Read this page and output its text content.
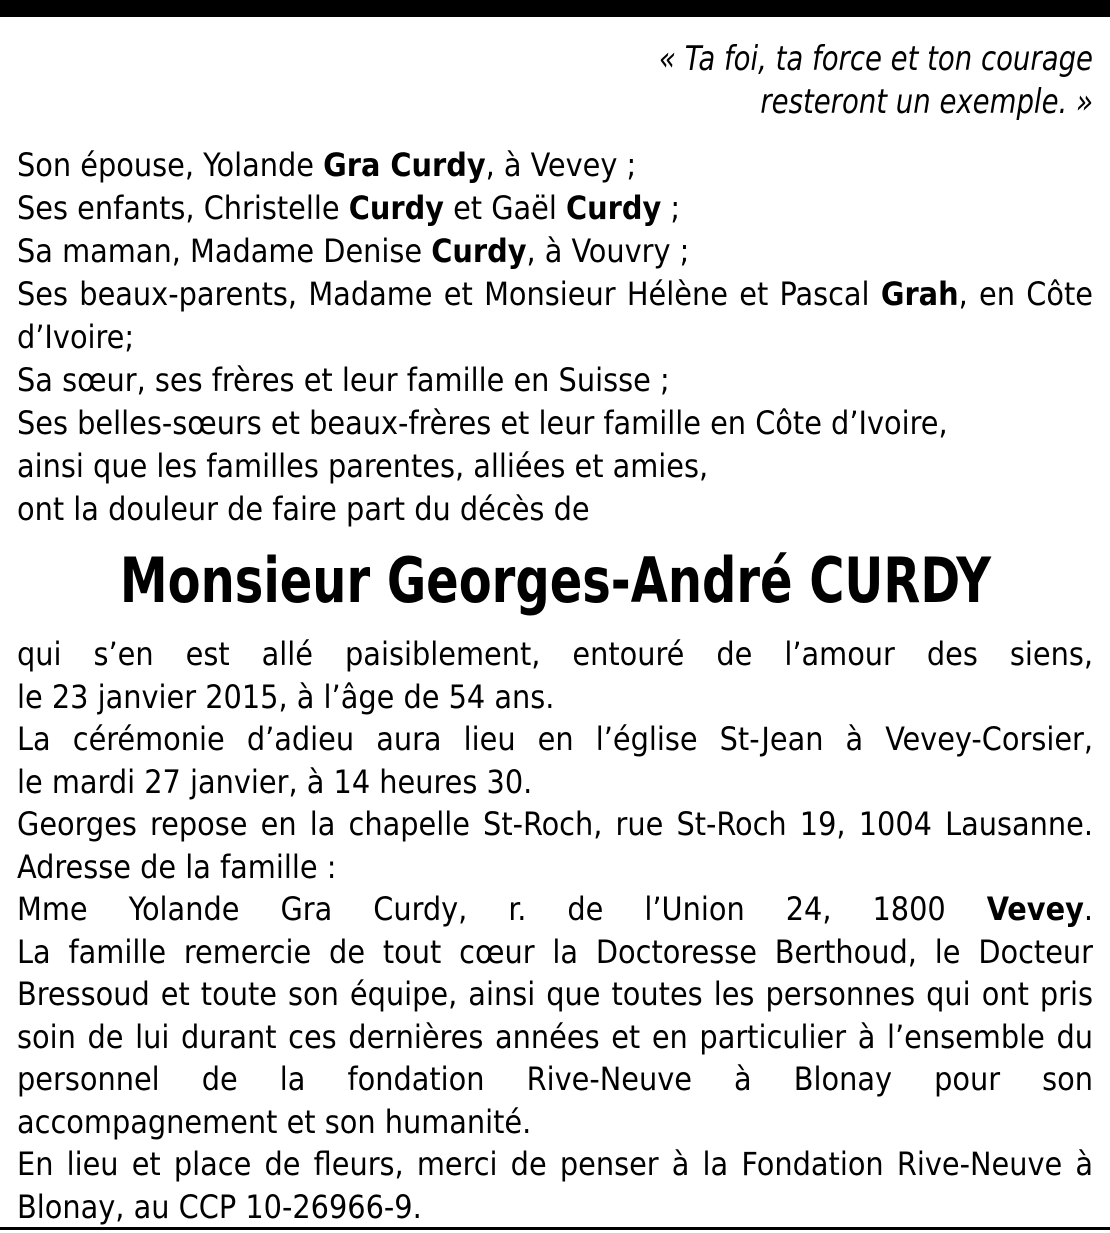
« Ta foi, ta force et ton courage
resteront un exemple. »
Son épouse, Yolande Gra Curdy, à Vevey ;
Ses enfants, Christelle Curdy et Gaël Curdy ;
Sa maman, Madame Denise Curdy, à Vouvry ;
Ses beaux-parents, Madame et Monsieur Hélène et Pascal Grah, en Côte
d’Ivoire;
Sa sœur, ses frères et leur famille en Suisse ;
Ses belles-sœurs et beaux-frères et leur famille en Côte d’Ivoire,
ainsi que les familles parentes, alliées et amies,
ont la douleur de faire part du décès de
Monsieur Georges-André CURDY
qui s’en est allé paisiblement, entouré de l’amour des siens,
le 23 janvier 2015, à l’âge de 54 ans.
La cérémonie d’adieu aura lieu en l’église St-Jean à Vevey-Corsier,
le mardi 27 janvier, à 14 heures 30.
Georges repose en la chapelle St-Roch, rue St-Roch 19, 1004 Lausanne.
Adresse de la famille :
Mme Yolande Gra Curdy, r. de l’Union 24, 1800 Vevey.
La famille remercie de tout cœur la Doctoresse Berthoud, le Docteur
Bressoud et toute son équipe, ainsi que toutes les personnes qui ont pris
soin de lui durant ces dernières années et en particulier à l’ensemble du
personnel de la fondation Rive-Neuve à Blonay pour son
accompagnement et son humanité.
En lieu et place de fleurs, merci de penser à la Fondation Rive-Neuve à
Blonay, au CCP 10-26966-9.
